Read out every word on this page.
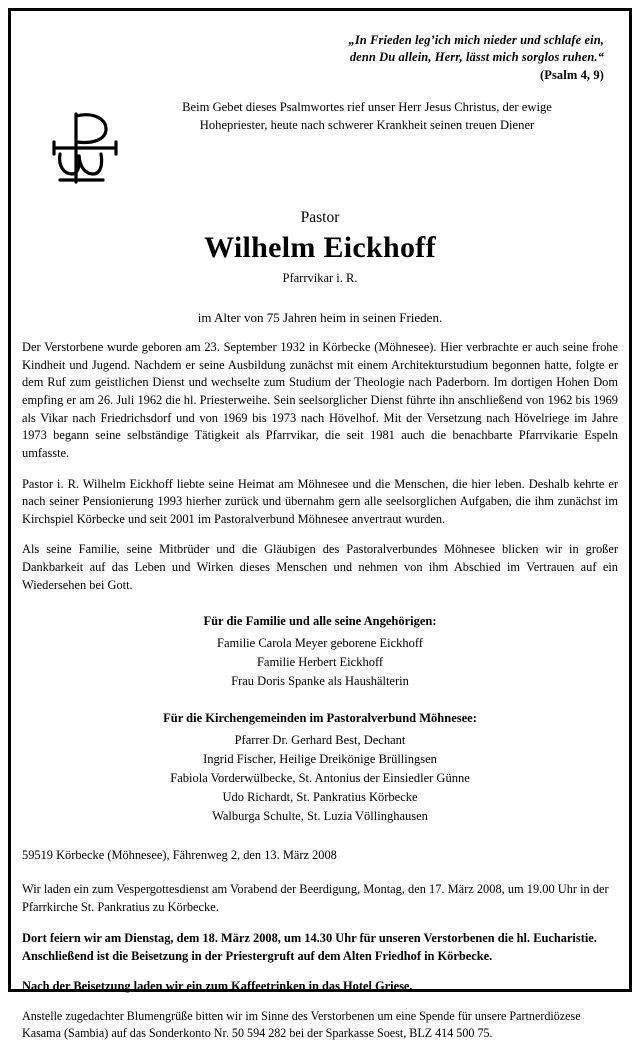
„In Frieden leg’ich mich nieder und schlafe ein,
denn Du allein, Herr, lässt mich sorglos ruhen.“
(Psalm 4, 9)
Beim Gebet dieses Psalmwortes rief unser Herr Jesus Christus, der ewige
Hohepriester, heute nach schwerer Krankheit seinen treuen Diener
Pastor
Wilhelm Eickhoff
Pfarrvikar i. R.
im Alter von 75 Jahren heim in seinen Frieden.
Der Verstorbene wurde geboren am 23. September 1932 in Körbecke (Möhnesee). Hier verbrachte er auch seine frohe Kindheit und Jugend. Nachdem er seine Ausbildung zunächst mit einem Architekturstudium begonnen hatte, folgte er dem Ruf zum geistlichen Dienst und wechselte zum Studium der Theologie nach Paderborn. Im dortigen Hohen Dom empfing er am 26. Juli 1962 die hl. Priesterweihe. Sein seelsorglicher Dienst führte ihn anschließend von 1962 bis 1969 als Vikar nach Friedrichsdorf und von 1969 bis 1973 nach Hövelhof. Mit der Versetzung nach Hövelriege im Jahre 1973 begann seine selbständige Tätigkeit als Pfarrvikar, die seit 1981 auch die benachbarte Pfarrvikarie Espeln umfasste.
Pastor i. R. Wilhelm Eickhoff liebte seine Heimat am Möhnesee und die Menschen, die hier leben. Deshalb kehrte er nach seiner Pensionierung 1993 hierher zurück und übernahm gern alle seelsorglichen Aufgaben, die ihm zunächst im Kirchspiel Körbecke und seit 2001 im Pastoralverbund Möhnesee anvertraut wurden.
Als seine Familie, seine Mitbrüder und die Gläubigen des Pastoralverbundes Möhnesee blicken wir in großer Dankbarkeit auf das Leben und Wirken dieses Menschen und nehmen von ihm Abschied im Vertrauen auf ein Wiedersehen bei Gott.
Für die Familie und alle seine Angehörigen:
Familie Carola Meyer geborene Eickhoff
Familie Herbert Eickhoff
Frau Doris Spanke als Haushälterin
Für die Kirchengemeinden im Pastoralverbund Möhnesee:
Pfarrer Dr. Gerhard Best, Dechant
Ingrid Fischer, Heilige Dreikönige Brüllingsen
Fabiola Vorderwülbecke, St. Antonius der Einsiedler Günne
Udo Richardt, St. Pankratius Körbecke
Walburga Schulte, St. Luzia Völlinghausen
59519 Körbecke (Möhnesee), Fährenweg 2, den 13. März 2008
Wir laden ein zum Vespergottesdienst am Vorabend der Beerdigung, Montag, den 17. März 2008, um 19.00 Uhr in der Pfarrkirche St. Pankratius zu Körbecke.
Dort feiern wir am Dienstag, dem 18. März 2008, um 14.30 Uhr für unseren Verstorbenen die hl. Eucharistie. Anschließend ist die Beisetzung in der Priestergruft auf dem Alten Friedhof in Körbecke.
Nach der Beisetzung laden wir ein zum Kaffeetrinken in das Hotel Griese.
Anstelle zugedachter Blumengrüße bitten wir im Sinne des Verstorbenen um eine Spende für unsere Partnerdiözese Kasama (Sambia) auf das Sonderkonto Nr. 50 594 282 bei der Sparkasse Soest, BLZ 414 500 75.
